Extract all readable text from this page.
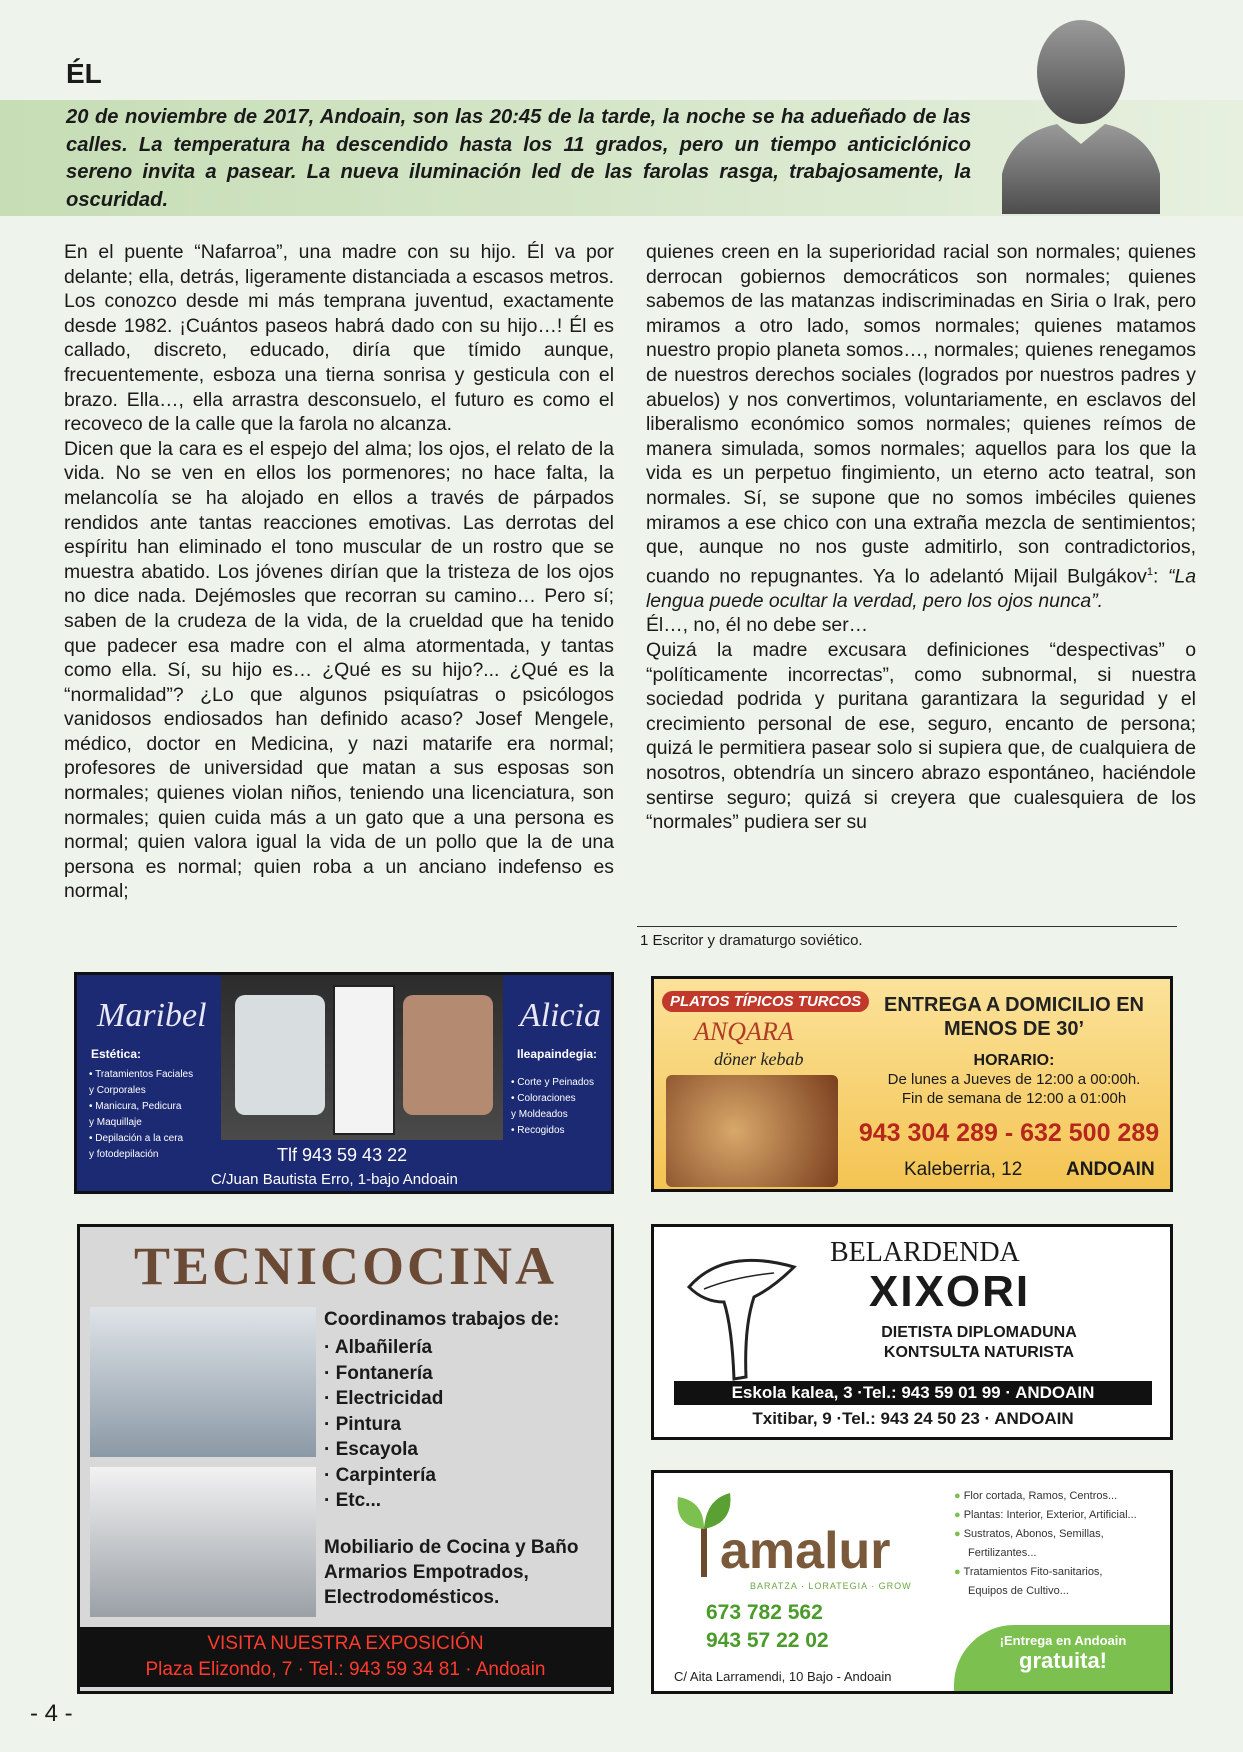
ÉL
20 de noviembre de 2017, Andoain, son las 20:45 de la tarde, la noche se ha adueñado de las calles. La temperatura ha descendido hasta los 11 grados, pero un tiempo anticiclónico sereno invita a pasear. La nueva iluminación led de las farolas rasga, trabajosamente, la oscuridad.

En el puente “Nafarroa”, una madre con su hijo. Él va por delante; ella, detrás, ligeramente distanciada a escasos metros. Los conozco desde mi más temprana juventud, exactamente desde 1982. ¡Cuántos paseos habrá dado con su hijo…! Él es callado, discreto, educado, diría que tímido aunque, frecuentemente, esboza una tierna sonrisa y gesticula con el brazo. Ella…, ella arrastra desconsuelo, el futuro es como el recoveco de la calle que la farola no alcanza.

Dicen que la cara es el espejo del alma; los ojos, el relato de la vida. No se ven en ellos los pormenores; no hace falta, la melancolía se ha alojado en ellos a través de párpados rendidos ante tantas reacciones emotivas. Las derrotas del espíritu han eliminado el tono muscular de un rostro que se muestra abatido. Los jóvenes dirían que la tristeza de los ojos no dice nada. Dejémosles que recorran su camino… Pero sí; saben de la crudeza de la vida, de la crueldad que ha tenido que padecer esa madre con el alma atormentada, y tantas como ella. Sí, su hijo es… ¿Qué es su hijo?... ¿Qué es la “normalidad”? ¿Lo que algunos psiquíatras o psicólogos vanidosos endiosados han definido acaso? Josef Mengele, médico, doctor en Medicina, y nazi matarife era normal; profesores de universidad que matan a sus esposas son normales; quienes violan niños, teniendo una licenciatura, son normales; quien cuida más a un gato que a una persona es normal; quien valora igual la vida de un pollo que la de una persona es normal; quien roba a un anciano indefenso es normal;

quienes creen en la superioridad racial son normales; quienes derrocan gobiernos democráticos son normales; quienes sabemos de las matanzas indiscriminadas en Siria o Irak, pero miramos a otro lado, somos normales; quienes matamos nuestro propio planeta somos…, normales; quienes renegamos de nuestros derechos sociales (logrados por nuestros padres y abuelos) y nos convertimos, voluntariamente, en esclavos del liberalismo económico somos normales; quienes reímos de manera simulada, somos normales; aquellos para los que la vida es un perpetuo fingimiento, un eterno acto teatral, son normales. Sí, se supone que no somos imbéciles quienes miramos a ese chico con una extraña mezcla de sentimientos; que, aunque no nos guste admitirlo, son contradictorios, cuando no repugnantes. Ya lo adelantó Mijail Bulgákov$^1$: “La lengua puede ocultar la verdad, pero los ojos nunca”.

Él…, no, él no debe ser…

Quizá la madre excusara definiciones “despectivas” o “políticamente incorrectas”, como subnormal, si nuestra sociedad podrida y puritana garantizara la seguridad y el crecimiento personal de ese, seguro, encanto de persona; quizá le permitiera pasear solo si supiera que, de cualquiera de nosotros, obtendría un sincero abrazo espontáneo, haciéndole sentirse seguro; quizá si creyera que cualesquiera de los “normales” pudiera ser su

1 Escritor y dramaturgo soviético.
Maribel	Alicia
Estética:
• Tratamientos Faciales
y Corporales
• Manicura, Pedicura
y Maquillaje
• Depilación a la cera
y fotodepilación
Ileapaindegia:
• Corte y Peinados
• Coloraciones
y Moldeados
• Recogidos
Tlf 943 59 43 22
C/Juan Bautista Erro, 1-bajo Andoain
PLATOS TÍPICOS TURCOS
ANQARA
döner kebab
ENTREGA A DOMICILIO EN MENOS DE 30’
HORARIO:
De lunes a Jueves de 12:00 a 00:00h.
Fin de semana de 12:00 a 01:00h
943 304 289 - 632 500 289
Kaleberria, 12 ANDOAIN
TECNICOCINA
Coordinamos trabajos de:
· Albañilería
· Fontanería
· Electricidad
· Pintura
· Escayola
· Carpintería
· Etc...
Mobiliario de Cocina y Baño
Armarios Empotrados,
Electrodomésticos.
VISITA NUESTRA EXPOSICIÓN
Plaza Elizondo, 7 · Tel.: 943 59 34 81 · Andoain
BELARDENDA
XIXORI
DIETISTA DIPLOMADUNA
KONTSULTA NATURISTA
Eskola kalea, 3 ·Tel.: 943 59 01 99 · ANDOAIN
Txitibar, 9 ·Tel.: 943 24 50 23 · ANDOAIN
amalur
BARATZA · LORATEGIA · GROW
673 782 562
943 57 22 02
C/ Aita Larramendi, 10 Bajo - Andoain
● Flor cortada, Ramos, Centros...
● Plantas: Interior, Exterior, Artificial...
● Sustratos, Abonos, Semillas,
Fertilizantes...
● Tratamientos Fito-sanitarios,
Equipos de Cultivo...
¡Entrega en Andoain
gratuita!
- 4 -
